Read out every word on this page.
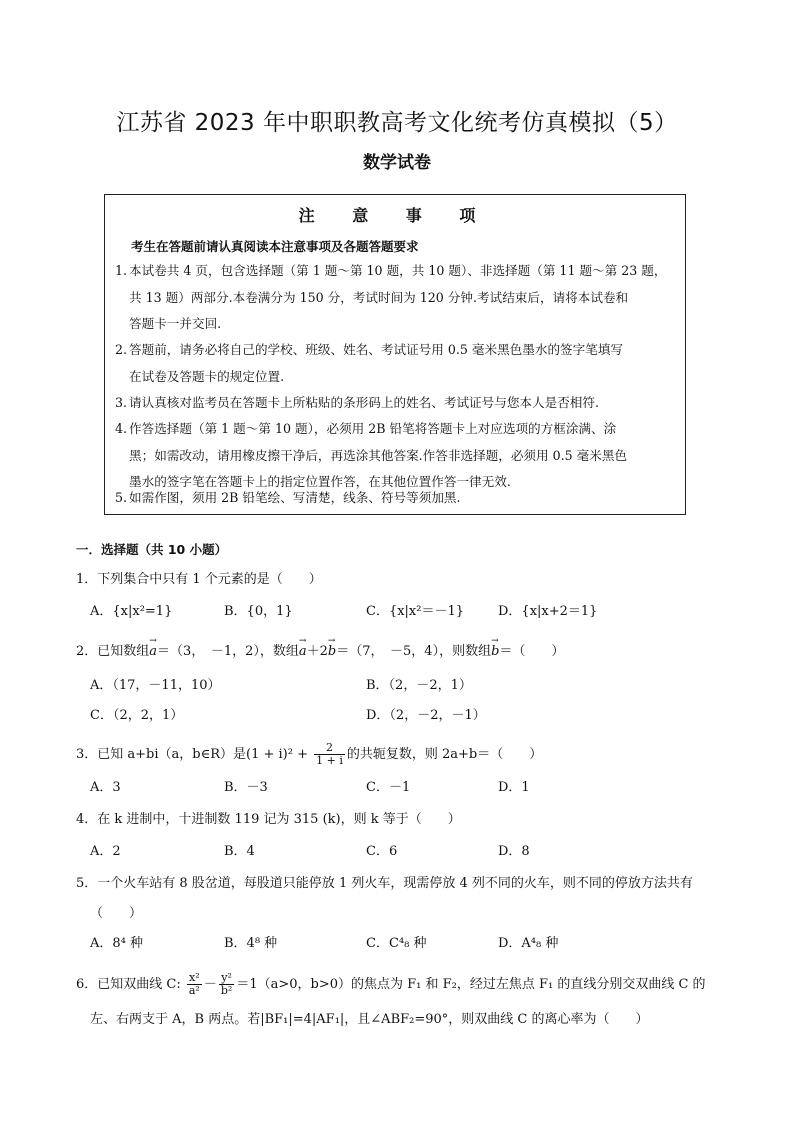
江苏省 2023 年中职职教高考文化统考仿真模拟（5）
数学试卷
注 意 事 项
考生在答题前请认真阅读本注意事项及各题答题要求
1. 本试卷共 4 页，包含选择题（第 1 题～第 10 题，共 10 题）、非选择题（第 11 题～第 23 题，
共 13 题）两部分.本卷满分为 150 分，考试时间为 120 分钟.考试结束后，请将本试卷和
答题卡一并交回.
2. 答题前，请务必将自己的学校、班级、姓名、考试证号用 0.5 毫米黑色墨水的签字笔填写
在试卷及答题卡的规定位置.
3. 请认真核对监考员在答题卡上所粘贴的条形码上的姓名、考试证号与您本人是否相符.
4. 作答选择题（第 1 题～第 10 题），必须用 2B 铅笔将答题卡上对应选项的方框涂满、涂
黑；如需改动，请用橡皮擦干净后，再选涂其他答案.作答非选择题，必须用 0.5 毫米黑色
墨水的签字笔在答题卡上的指定位置作答，在其他位置作答一律无效.
5. 如需作图，须用 2B 铅笔绘、写清楚，线条、符号等须加黑.
一．选择题（共 10 小题）
1．下列集合中只有 1 个元素的是（　　）
A．{x|x²=1}	B．{0，1}	C．{x|x²＝－1}	D．{x|x+2＝1}
2．已知数组→ a＝（3，　－1，2），数组→ a＋2→ b＝（7，　－5，4），则数组→ b＝（　　）
A．（17，－11，10）	B．（2，－2，1）
C．（2，2，1）	D．（2，－2，－1）
3．已知 a+bi（a，b∈R）是$(1 + i)^2 + \frac{2}{1 + i}$ 的共轭复数，则 2a+b＝（　　）
A．3	B．－3	C．－1	D．1
4．在 k 进制中，十进制数 119 记为 315 (k)，则 k 等于（　　）
A．2	B．4	C．6	D．8
5．一个火车站有 8 股岔道，每股道只能停放 1 列火车，现需停放 4 列不同的火车，则不同的停放方法共有
（　　）
A．8⁴ 种	B．4⁸ 种	C．C⁴₈ 种	D．A⁴₈ 种
6．已知双曲线 C: $\frac{\text{x²}}{\text{a²}} - \frac{\text{y²}}{\text{b²}} =1(a>0$，b>0）的焦点为 F₁ 和 F₂，经过左焦点 F₁ 的直线分别交双曲线 C 的
左、右两支于 A，B 两点。若|BF₁|=4|AF₁|，且∠ABF₂=90°，则双曲线 C 的离心率为（　　）
